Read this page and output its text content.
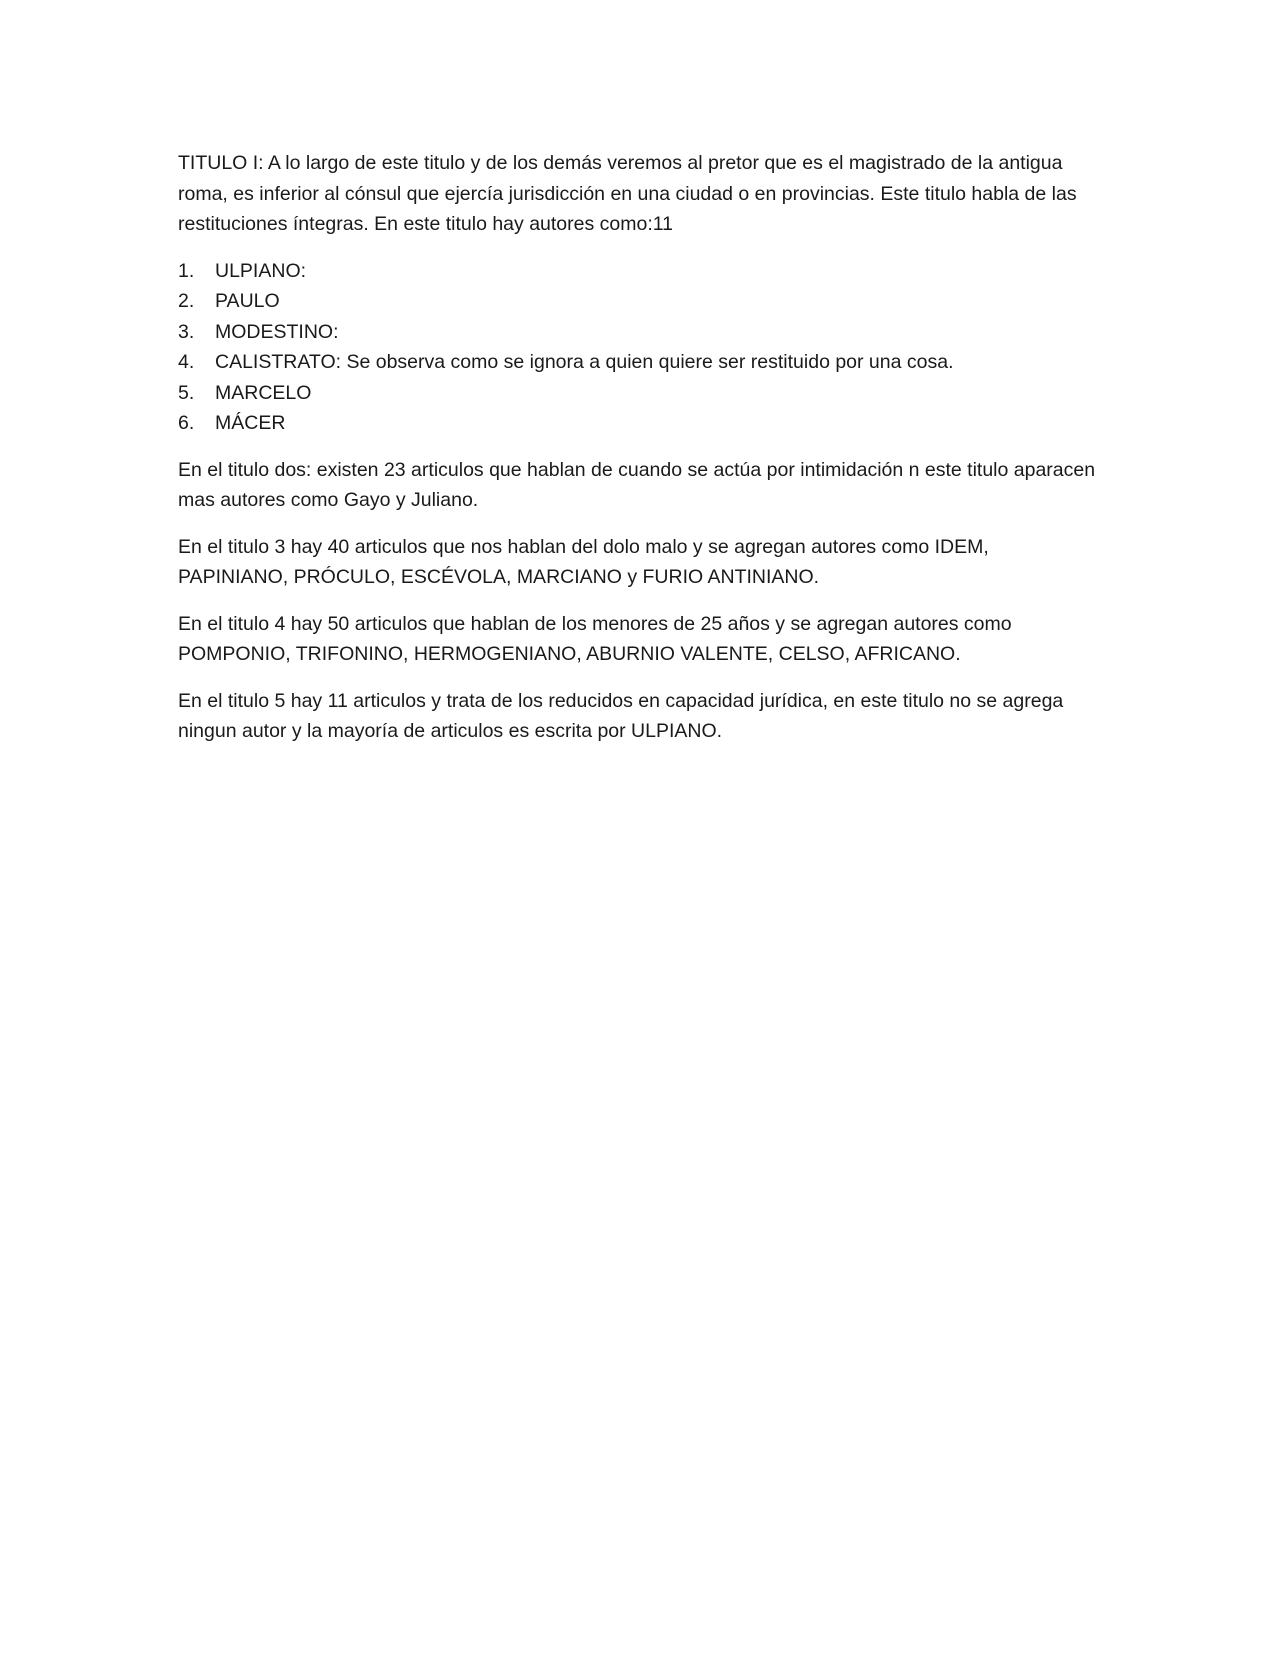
TITULO I: A lo largo de este titulo y de los demás veremos al pretor que es el magistrado de la antigua roma, es inferior al cónsul que ejercía jurisdicción en una ciudad o en provincias. Este titulo habla de las restituciones íntegras. En este titulo hay autores como:11

1.	ULPIANO:
2.	PAULO
3.	MODESTINO:
4.	CALISTRATO: Se observa como se ignora a quien quiere ser restituido por una cosa.
5.	MARCELO
6.	MÁCER

En el titulo dos: existen 23 articulos que hablan de cuando se actúa por intimidación n este titulo aparacen mas autores como Gayo y Juliano.

En el titulo 3 hay 40 articulos que nos hablan del dolo malo y se agregan autores como IDEM, PAPINIANO, PRÓCULO, ESCÉVOLA, MARCIANO y FURIO ANTINIANO.

En el titulo 4 hay 50 articulos que hablan de los menores de 25 años y se agregan autores como POMPONIO, TRIFONINO, HERMOGENIANO, ABURNIO VALENTE, CELSO, AFRICANO.

En el titulo 5 hay 11 articulos y trata de los reducidos en capacidad jurídica, en este titulo no se agrega ningun autor y la mayoría de articulos es escrita por ULPIANO.
